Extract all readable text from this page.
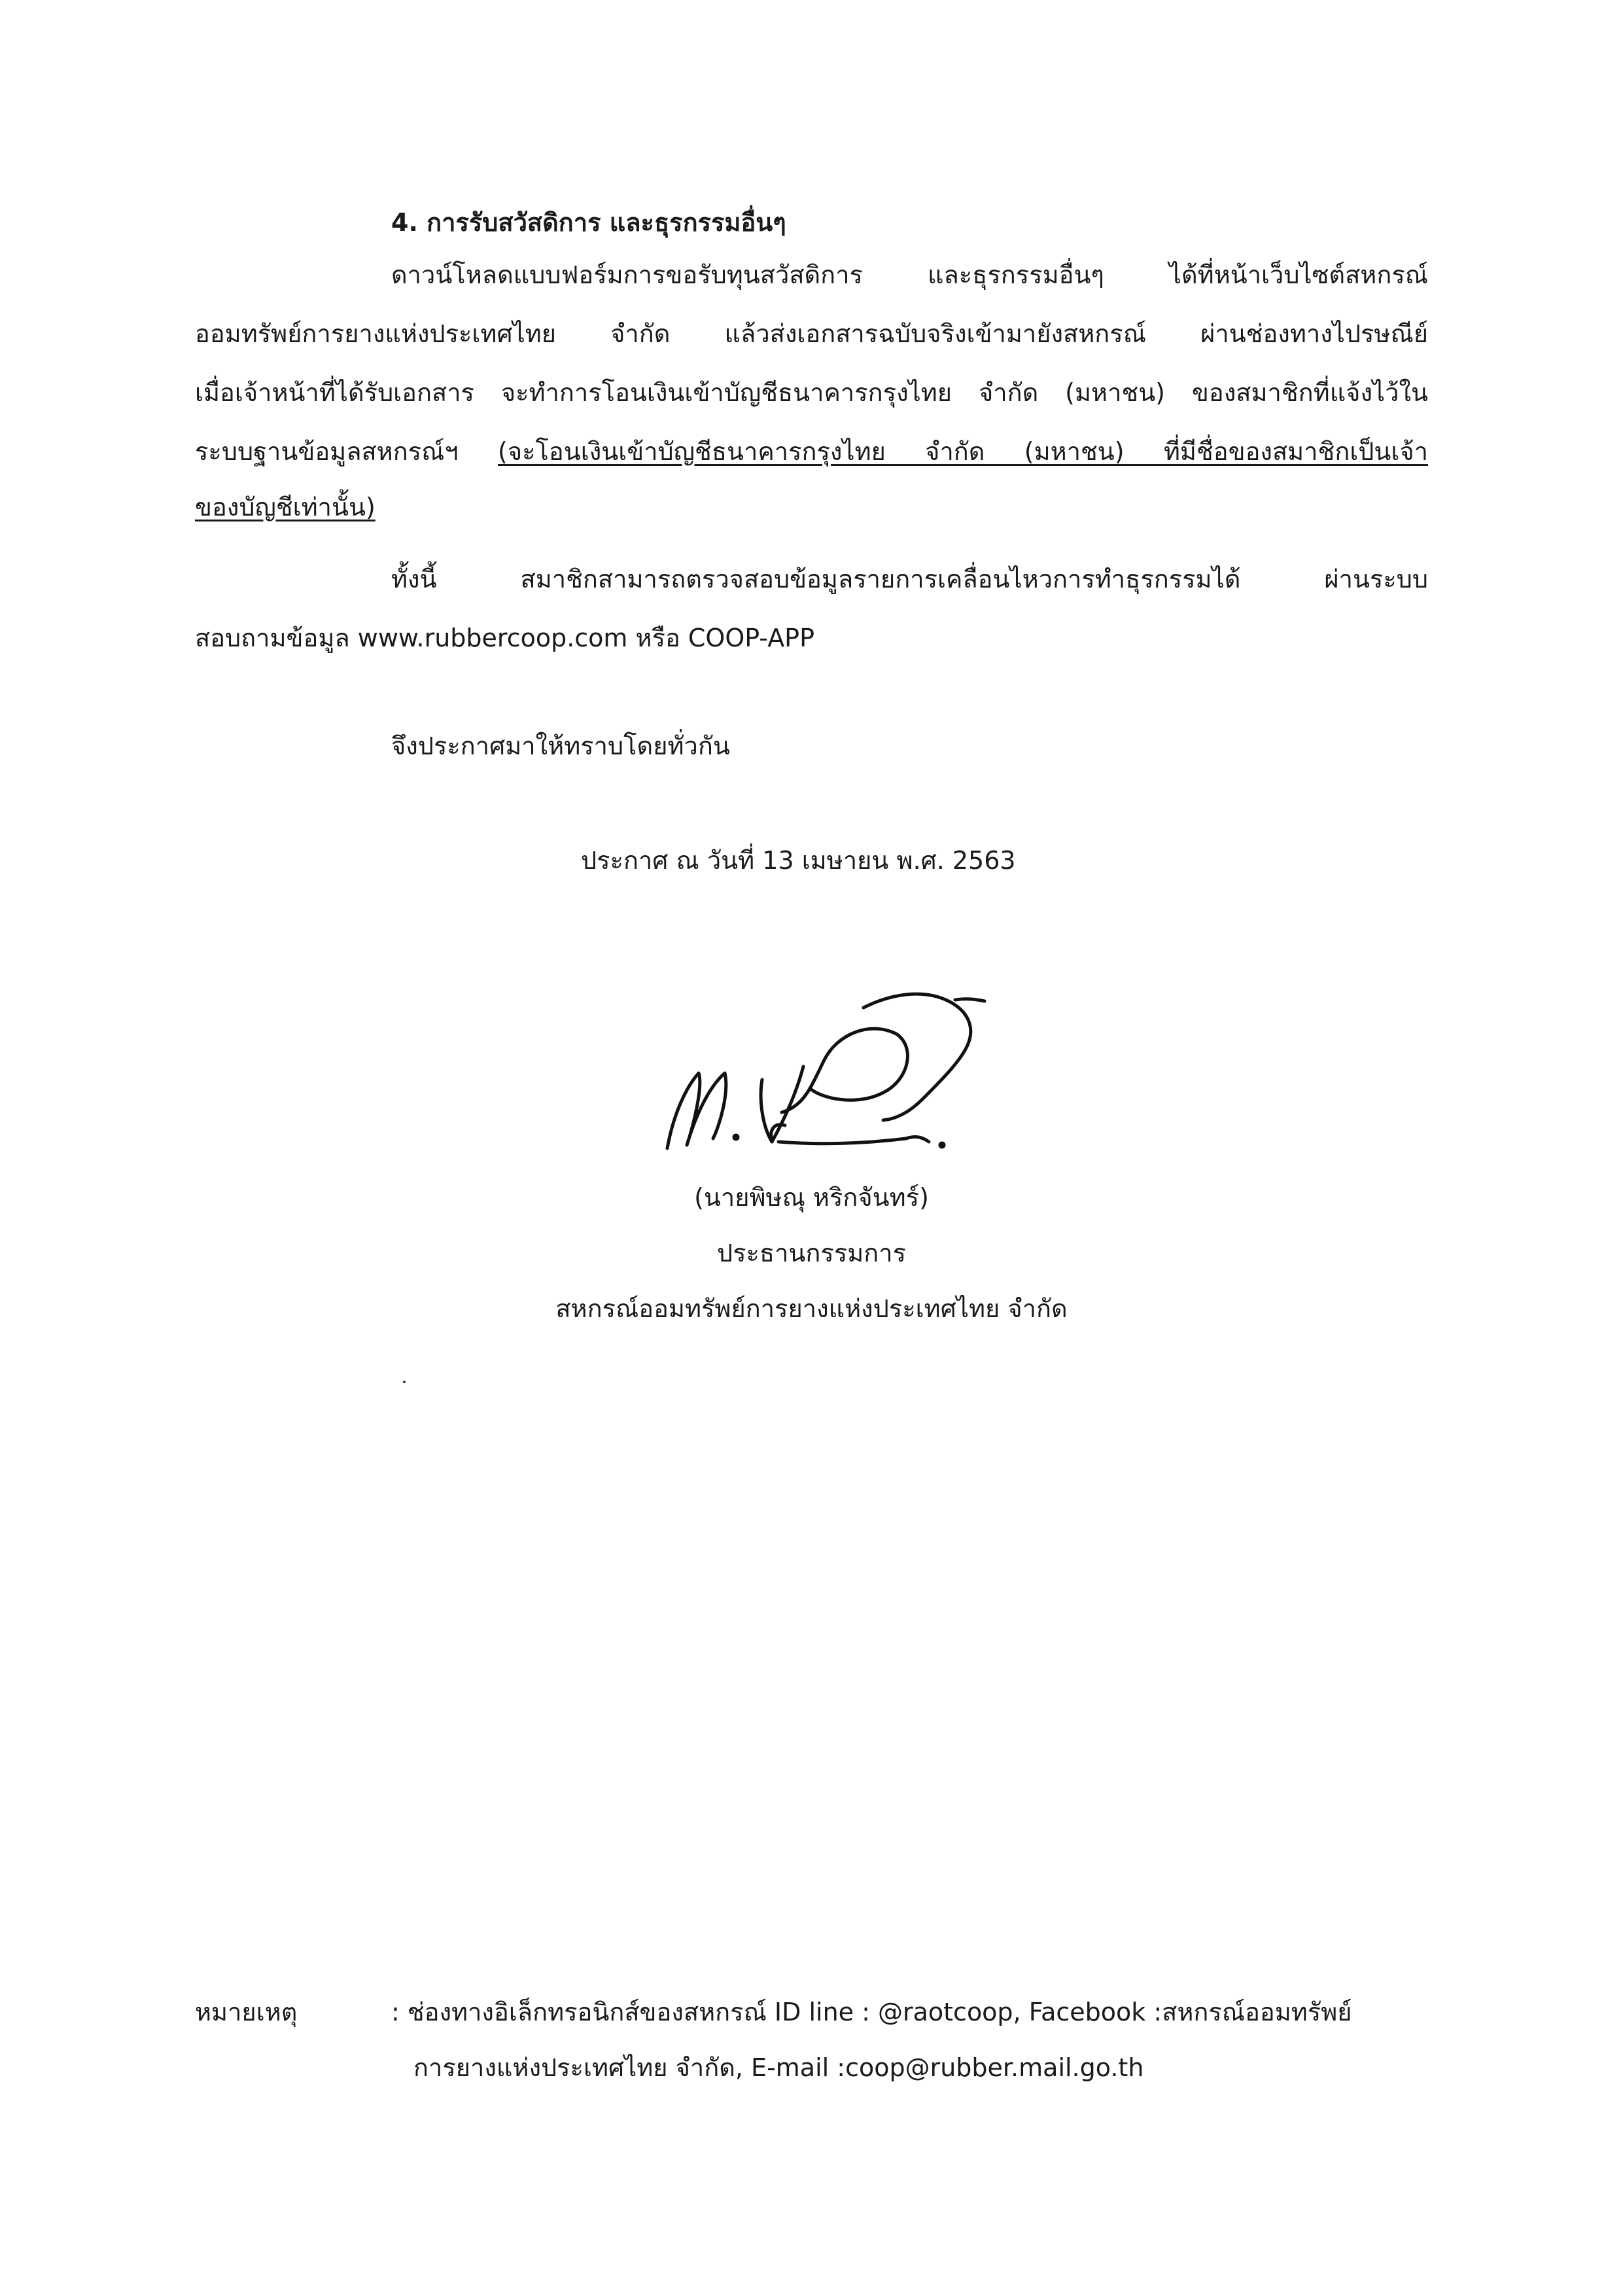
4. การรับสวัสดิการ และธุรกรรมอื่นๆ
ดาวน์โหลดแบบฟอร์มการขอรับทุนสวัสดิการ และธุรกรรมอื่นๆ ได้ที่หน้าเว็บไซต์สหกรณ์
ออมทรัพย์การยางแห่งประเทศไทย จำกัด แล้วส่งเอกสารฉบับจริงเข้ามายังสหกรณ์ ผ่านช่องทางไปรษณีย์
เมื่อเจ้าหน้าที่ได้รับเอกสาร จะทำการโอนเงินเข้าบัญชีธนาคารกรุงไทย จำกัด (มหาชน) ของสมาชิกที่แจ้งไว้ใน
ระบบฐานข้อมูลสหกรณ์ฯ (จะโอนเงินเข้าบัญชีธนาคารกรุงไทย จำกัด (มหาชน) ที่มีชื่อของสมาชิกเป็นเจ้า
ของบัญชีเท่านั้น)
ทั้งนี้ สมาชิกสามารถตรวจสอบข้อมูลรายการเคลื่อนไหวการทำธุรกรรมได้ ผ่านระบบ
สอบถามข้อมูล www.rubbercoop.com หรือ COOP-APP
จึงประกาศมาให้ทราบโดยทั่วกัน
ประกาศ ณ วันที่ 13 เมษายน พ.ศ. 2563
(นายพิษณุ หริกจันทร์)
ประธานกรรมการ
สหกรณ์ออมทรัพย์การยางแห่งประเทศไทย จำกัด
หมายเหตุ	: ช่องทางอิเล็กทรอนิกส์ของสหกรณ์ ID line : @raotcoop, Facebook :สหกรณ์ออมทรัพย์
การยางแห่งประเทศไทย จำกัด, E-mail :coop@rubber.mail.go.th
